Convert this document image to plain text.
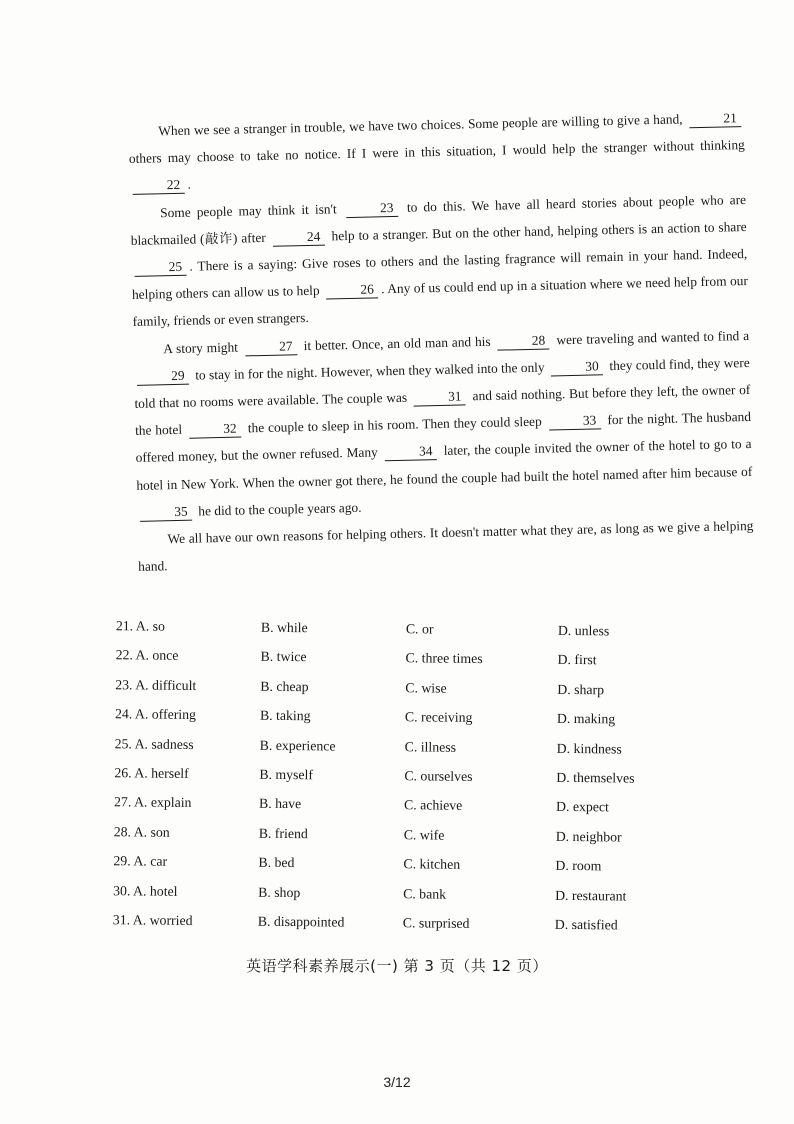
When we see a stranger in trouble, we have two choices. Some people are willing to give a hand,	21others may choose to take no notice. If I were in this situation, I would help the stranger without thinking 22 .

Some people may think it isn't	23 to do this. We have all heard stories about people who are blackmailed (敲诈) after	24 help to a stranger. But on the other hand, helping others is an action to share 25 . There is a saying: Give roses to others and the lasting fragrance will remain in your hand. Indeed, helping others can allow us to help	26 . Any of us could end up in a situation where we need help from our family, friends or even strangers.

A story might	27 it better. Once, an old man and his	28 were traveling and wanted to find a 29 to stay in for the night. However, when they walked into the only	30 they could find, they were told that no rooms were available. The couple was	31 and said nothing. But before they left, the owner of the hotel	32 the couple to sleep in his room. Then they could sleep	33 for the night. The husband offered money, but the owner refused. Many	34 later, the couple invited the owner of the hotel to go to a hotel in New York. When the owner got there, he found the couple had built the hotel named after him because of 35 he did to the couple years ago.

We all have our own reasons for helping others. It doesn't matter what they are, as long as we give a helping hand.

21. A. so	B. while	C. or	D. unless
22. A. once	B. twice	C. three times	D. first
23. A. difficult	B. cheap	C. wise	D. sharp
24. A. offering	B. taking	C. receiving	D. making
25. A. sadness	B. experience	C. illness	D. kindness
26. A. herself	B. myself	C. ourselves	D. themselves
27. A. explain	B. have	C. achieve	D. expect
28. A. son	B. friend	C. wife	D. neighbor
29. A. car	B. bed	C. kitchen	D. room
30. A. hotel	B. shop	C. bank	D. restaurant
31. A. worried	B. disappointed	C. surprised	D. satisfied
英语学科素养展示(一) 第 3 页（共 12 页）
3/12
